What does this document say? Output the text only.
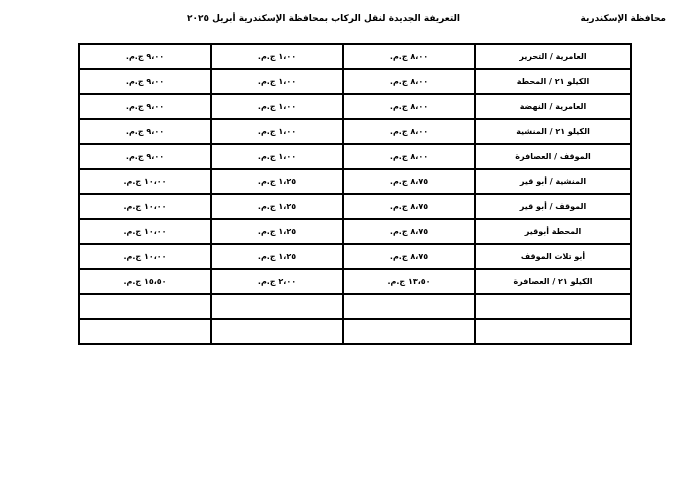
محافظة الإسكندرية
التعريفة الجديدة لنقل الركاب بمحافظة الإسكندرية أبريل ٢٠٢٥
العامرية / التحرير	٨،٠٠ ج.م.	١،٠٠ ج.م.	٩،٠٠ ج.م.
الكيلو ٢١ / المحطة	٨،٠٠ ج.م.	١،٠٠ ج.م.	٩،٠٠ ج.م.
العامرية / النهضة	٨،٠٠ ج.م.	١،٠٠ ج.م.	٩،٠٠ ج.م.
الكيلو ٢١ / المنشية	٨،٠٠ ج.م.	١،٠٠ ج.م.	٩،٠٠ ج.م.
الموقف / العصافرة	٨،٠٠ ج.م.	١،٠٠ ج.م.	٩،٠٠ ج.م.
المنشية / أبو قير	٨،٧٥ ج.م.	١،٢٥ ج.م.	١٠،٠٠ ج.م.
الموقف / أبو قير	٨،٧٥ ج.م.	١،٢٥ ج.م.	١٠،٠٠ ج.م.
المحطة أبوقير	٨،٧٥ ج.م.	١،٢٥ ج.م.	١٠،٠٠ ج.م.
أبو تلات الموقف	٨،٧٥ ج.م.	١،٢٥ ج.م.	١٠،٠٠ ج.م.
الكيلو ٢١ / العصافرة	١٣،٥٠ ج.م.	٢،٠٠ ج.م.	١٥،٥٠ ج.م.
